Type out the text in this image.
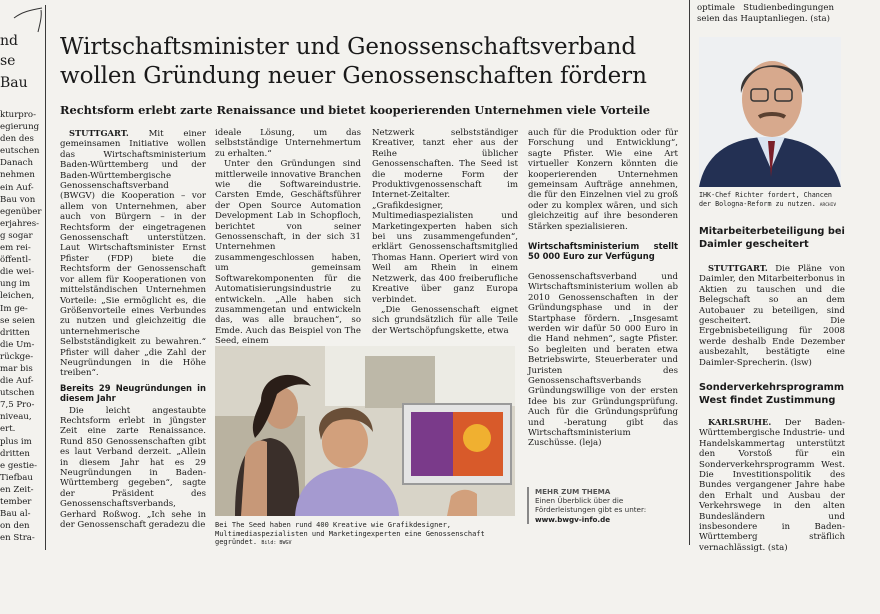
nd
se
Bau
kturpro-
egierung
den des
eutschen
Danach
nehmen
ein Auf-
Bau von
egenüber
erjahres-
g sogar
em rei-
öffentl-
die wei-
ung im
leichen,
Im ge-
se seien
dritten
die Um-
rückge-
mar bis
die Auf-
utschen
7,5 Pro-
niveau,
ert.
plus im
dritten
e gestie-
Tiefbau
en Zeit-
tember
Bau al-
on den
en Stra-
optimale   Studienbedingungen
seien das Hauptanliegen. (sta)
Wirtschaftsminister und Genossenschaftsverband
wollen Gründung neuer Genossenschaften fördern
Rechtsform erlebt zarte Renaissance und bietet kooperierenden Unternehmen viele Vorteile

STUTTGART. Mit einer gemeinsamen Initiative wollen das Wirtschaftsministerium Baden-Württemberg und der Baden-Württembergische Genossenschaftsverband (BWGV) die Kooperation – vor allem von Unternehmen, aber auch von Bürgern – in der Rechtsform der eingetragenen Genossenschaft unterstützen. Laut Wirtschaftsminister Ernst Pfister (FDP) biete die Rechtsform der Genossenschaft vor allem für Kooperationen von mittelständischen Unternehmen Vorteile: „Sie ermöglicht es, die Größenvorteile eines Verbundes zu nutzen und gleichzeitig die unternehmerische Selbstständigkeit zu bewahren.“ Pfister will daher „die Zahl der Neugründungen in die Höhe treiben“.

Bereits 29 Neugründungen in diesem Jahr

Die leicht angestaubte Rechtsform erlebt in jüngster Zeit eine zarte Renaissance. Rund 850 Genossenschaften gibt es laut Verband derzeit. „Allein in diesem Jahr hat es 29 Neugründungen in Baden-Württemberg gegeben“, sagte der Präsident des Genossenschaftsverbands, Gerhard Roßwog. „Ich sehe in der Genossenschaft geradezu die

ideale Lösung, um das selbstständige Unternehmertum zu erhalten.“

Unter den Gründungen sind mittlerweile innovative Branchen wie die Softwareindustrie. Carsten Emde, Geschäftsführer der Open Source Automation Development Lab in Schopfloch, berichtet von seiner Genossenschaft, in der sich 31 Unternehmen zusammengeschlossen haben, um gemeinsam Softwarekomponenten für die Automatisierungsindustrie zu entwickeln. „Alle haben sich zusammengetan und entwickeln das, was alle brauchen“, so Emde. Auch das Beispiel von The Seed, einem

Netzwerk selbstständiger Kreativer, tanzt eher aus der Reihe üblicher Genossenschaften. The Seed ist die moderne Form der Produktivgenossenschaft im Internet-Zeitalter. „Grafikdesigner, Multimediaspezialisten und Marketingexperten haben sich bei uns zusammengefunden“, erklärt Genossenschaftsmitglied Thomas Hann. Operiert wird von Weil am Rhein in einem Netzwerk, das 400 freiberufliche Kreative über ganz Europa verbindet.

„Die Genossenschaft eignet sich grundsätzlich für alle Teile der Wertschöpfungskette, etwa

auch für die Produktion oder für Forschung und Entwicklung“, sagte Pfister. Wie eine Art virtueller Konzern könnten die kooperierenden Unternehmen gemeinsam Aufträge annehmen, die für den Einzelnen viel zu groß oder zu komplex wären, und sich gleichzeitig auf ihre besonderen Stärken spezialisieren.

Wirtschaftsministerium stellt 50 000 Euro zur Verfügung

Genossenschaftsverband und Wirtschaftsministerium wollen ab 2010 Genossenschaften in der Gründungsphase und in der Startphase fördern. „Insgesamt werden wir dafür 50 000 Euro in die Hand nehmen“, sagte Pfister. So begleiten und beraten etwa Betriebswirte, Steuerberater und Juristen des Genossenschaftsverbands Gründungswillige von der ersten Idee bis zur Gründungsprüfung. Auch für die Gründungsprüfung und -beratung gibt das Wirtschaftsministerium Zuschüsse. (leja)

Bei The Seed haben rund 400 Kreative wie Grafikdesigner, Multimediaspezialisten und Marketingexperten eine Genossenschaft gegründet. Bild: BWGV
MEHR ZUM THEMA
Einen Überblick über die Förderleistungen gibt es unter:
www.bwgv-info.de
IHK-Chef Richter fordert, Chancen der Bologna-Reform zu nutzen. ARCHIV
Mitarbeiterbeteiligung bei Daimler gescheitert

STUTTGART. Die Pläne von Daimler, den Mitarbeiterbonus in Aktien zu tauschen und die Belegschaft so an dem Autobauer zu beteiligen, sind gescheitert. Die Ergebnisbeteiligung für 2008 werde deshalb Ende Dezember ausbezahlt, bestätigte eine Daimler-Sprecherin. (lsw)

Sonderverkehrsprogramm West findet Zustimmung

KARLSRUHE. Der Baden-Württembergische Industrie- und Handelskammertag unterstützt den Vorstoß für ein Sonderverkehrsprogramm West. Die Investitionspolitik des Bundes vergangener Jahre habe den Erhalt und Ausbau der Verkehrswege in den alten Bundesländern und insbesondere in Baden-Württemberg sträflich vernachlässigt. (sta)
